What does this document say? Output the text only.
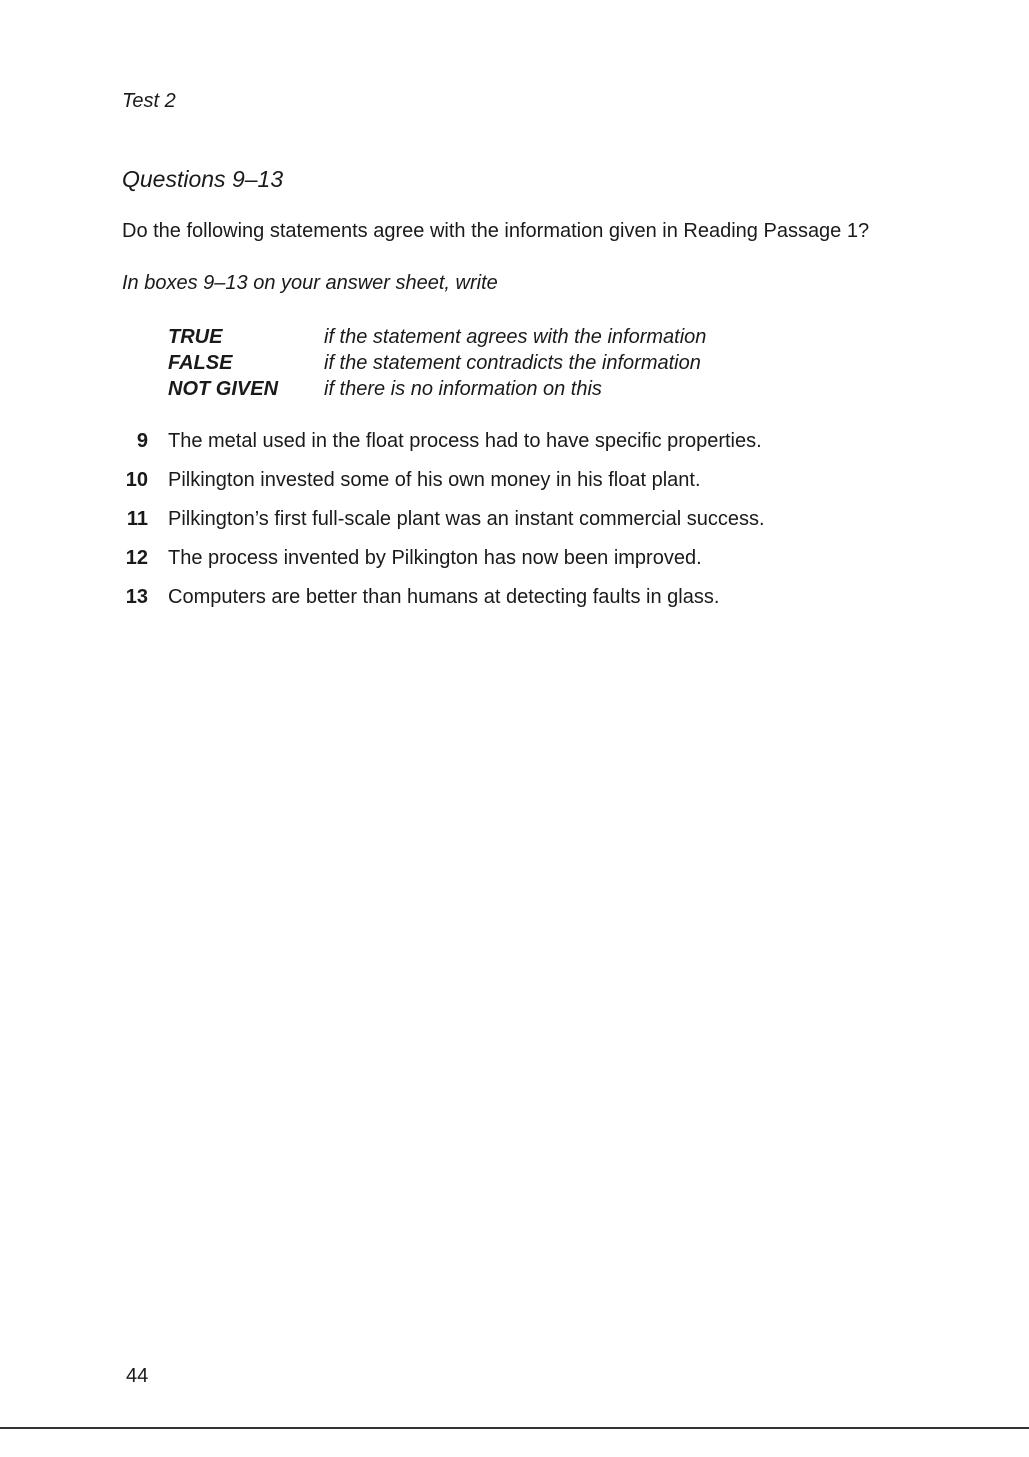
Test 2
Questions 9–13
Do the following statements agree with the information given in Reading Passage 1?
In boxes 9–13 on your answer sheet, write
TRUE	if the statement agrees with the information
FALSE	if the statement contradicts the information
NOT GIVEN	if there is no information on this
9	The metal used in the float process had to have specific properties.
10	Pilkington invested some of his own money in his float plant.
11	Pilkington’s first full-scale plant was an instant commercial success.
12	The process invented by Pilkington has now been improved.
13	Computers are better than humans at detecting faults in glass.
44
